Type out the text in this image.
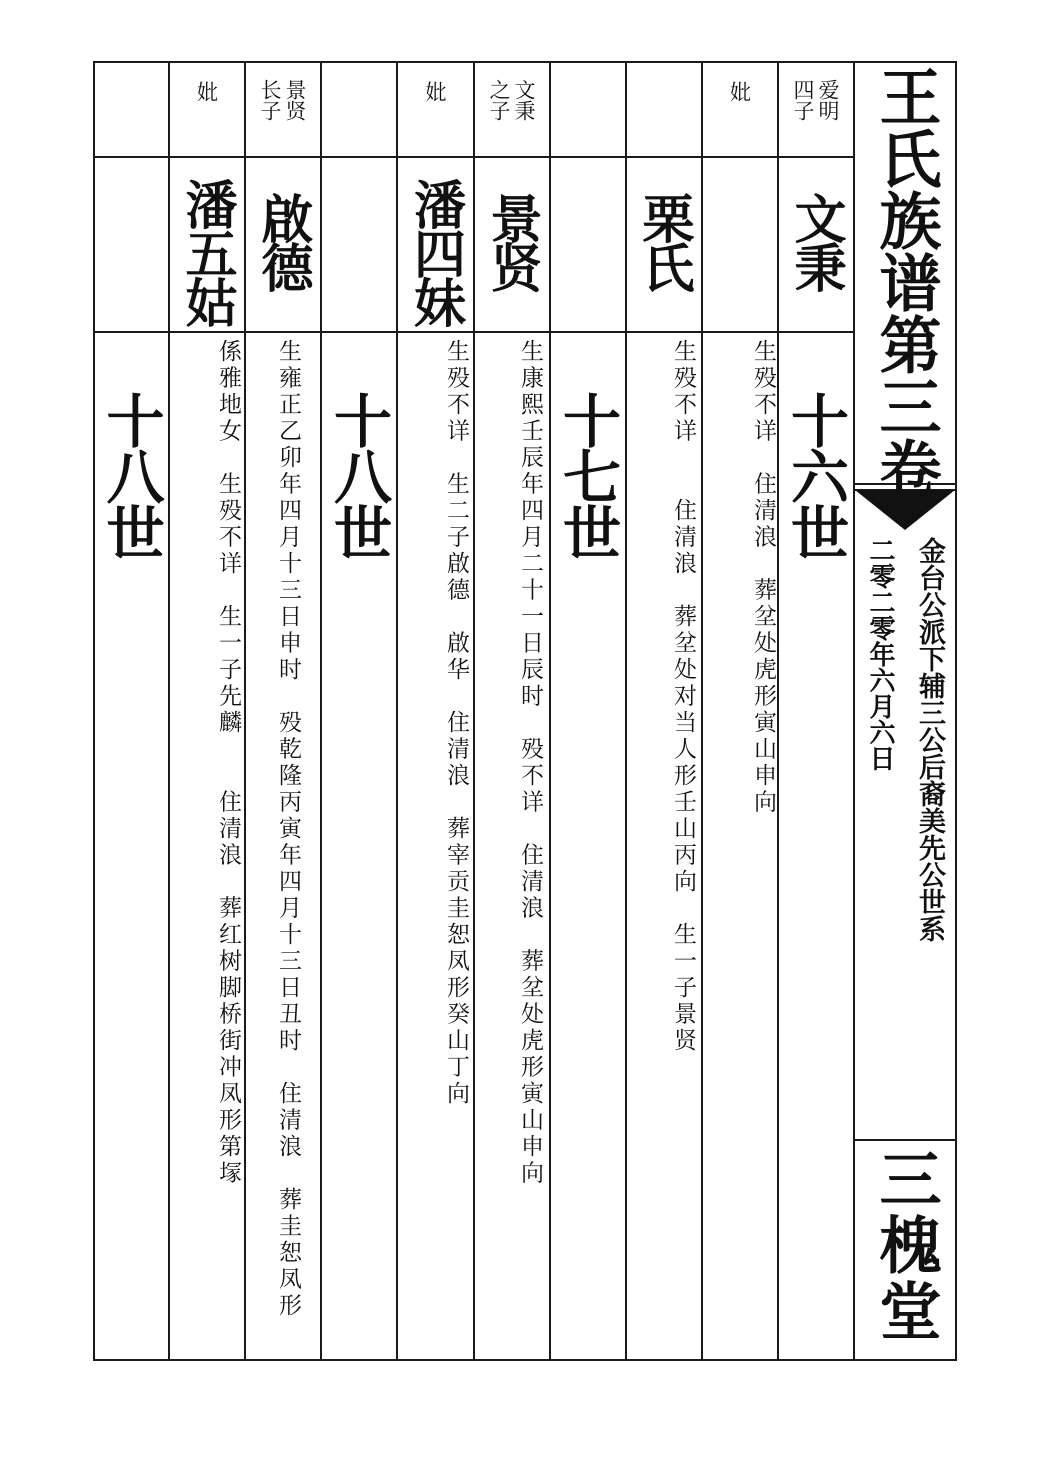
王氏族谱第三卷
金台公派下辅三公后裔美先公世系
二零二零年六月六日
三槐堂
爱明
四子
文秉
十六世
生殁不详　住清浪　葬坌处虎形寅山申向
妣
栗氏
生殁不详　　住清浪　葬坌处对当人形壬山丙向　生一子景贤
十七世
文秉
之子
景贤
生康熙壬辰年四月二十一日辰时　殁不详　住清浪　葬坌处虎形寅山申向
妣
潘四妹
生殁不详　生二子啟德　啟华　住清浪　葬宰贡圭恕凤形癸山丁向
十八世
景贤
长子
啟德
生雍正乙卯年四月十三日申时　殁乾隆丙寅年四月十三日丑时　住清浪　葬圭恕凤形
妣
潘五姑
係雅地女　生殁不详　生一子先麟　　住清浪　葬红树脚桥街冲凤形第塜
十八世
